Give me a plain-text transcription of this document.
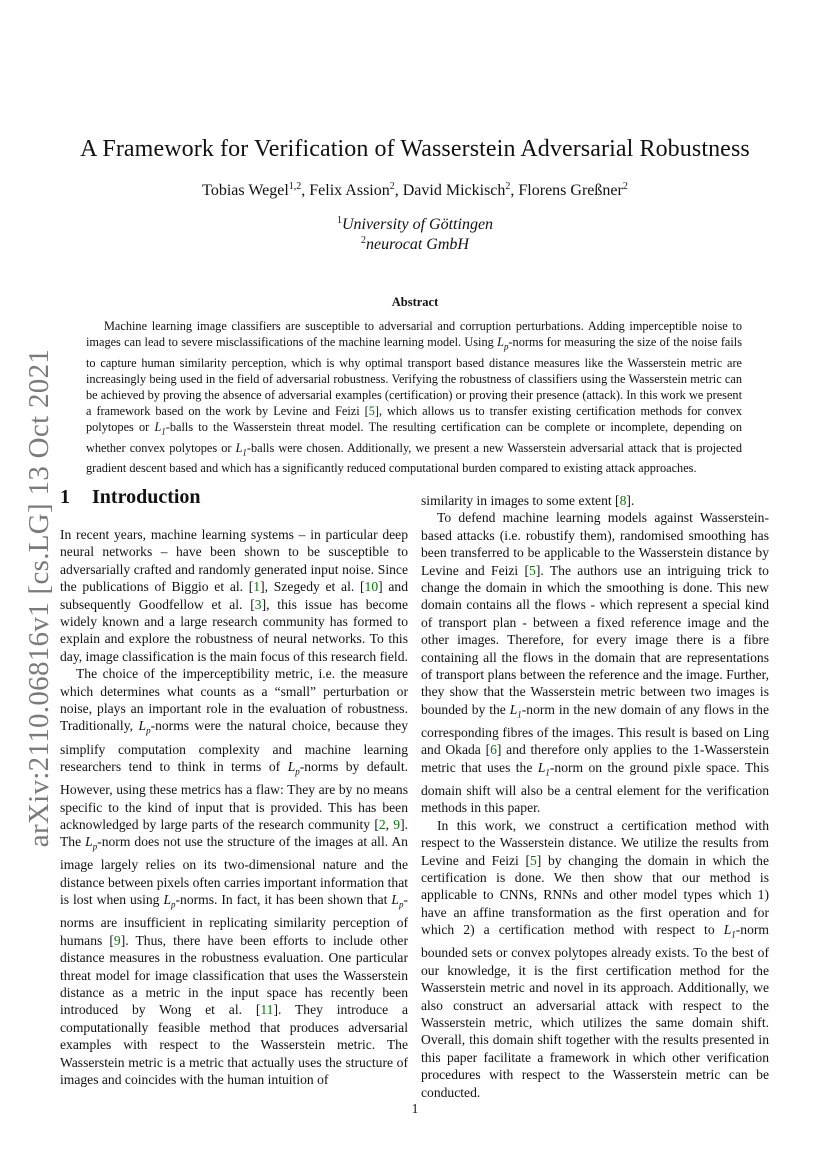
arXiv:2110.06816v1 [cs.LG] 13 Oct 2021
A Framework for Verification of Wasserstein Adversarial Robustness
Tobias Wegel$^{1,2}$, Felix Assion$^2$, David Mickisch$^2$, Florens Greßner$^2$
$^1$University of Göttingen
$^2$neurocat GmbH
Abstract

Machine learning image classifiers are susceptible to adversarial and corruption perturbations. Adding imperceptible noise to images can lead to severe misclassifications of the machine learning model. Using $L_p$-norms for measuring the size of the noise fails to capture human similarity perception, which is why optimal transport based distance measures like the Wasserstein metric are increasingly being used in the field of adversarial robustness. Verifying the robustness of classifiers using the Wasserstein metric can be achieved by proving the absence of adversarial examples (certification) or proving their presence (attack). In this work we present a framework based on the work by Levine and Feizi [5], which allows us to transfer existing certification methods for convex polytopes or $L_1$-balls to the Wasserstein threat model. The resulting certification can be complete or incomplete, depending on whether convex polytopes or $L_1$-balls were chosen. Additionally, we present a new Wasserstein adversarial attack that is projected gradient descent based and which has a significantly reduced computational burden compared to existing attack approaches.

1 Introduction

In recent years, machine learning systems – in particular deep neural networks – have been shown to be susceptible to adversarially crafted and randomly generated input noise. Since the publications of Biggio et al. [1], Szegedy et al. [10] and subsequently Goodfellow et al. [3], this issue has become widely known and a large research community has formed to explain and explore the robustness of neural networks. To this day, image classification is the main focus of this research field.

The choice of the imperceptibility metric, i.e. the measure which determines what counts as a “small” perturbation or noise, plays an important role in the evaluation of robustness. Traditionally, $L_p$-norms were the natural choice, because they simplify computation complexity and machine learning researchers tend to think in terms of $L_p$-norms by default. However, using these metrics has a flaw: They are by no means specific to the kind of input that is provided. This has been acknowledged by large parts of the research community [2, 9]. The $L_p$-norm does not use the structure of the images at all. An image largely relies on its two-dimensional nature and the distance between pixels often carries important information that is lost when using $L_p$-norms. In fact, it has been shown that $L_p$-norms are insufficient in replicating similarity perception of humans [9]. Thus, there have been efforts to include other distance measures in the robustness evaluation. One particular threat model for image classification that uses the Wasserstein distance as a metric in the input space has recently been introduced by Wong et al. [11]. They introduce a computationally feasible method that produces adversarial examples with respect to the Wasserstein metric. The Wasserstein metric is a metric that actually uses the structure of images and coincides with the human intuition of

similarity in images to some extent [8].

To defend machine learning models against Wasserstein-based attacks (i.e. robustify them), randomised smoothing has been transferred to be applicable to the Wasserstein distance by Levine and Feizi [5]. The authors use an intriguing trick to change the domain in which the smoothing is done. This new domain contains all the flows - which represent a special kind of transport plan - between a fixed reference image and the other images. Therefore, for every image there is a fibre containing all the flows in the domain that are representations of transport plans between the reference and the image. Further, they show that the Wasserstein metric between two images is bounded by the $L_1$-norm in the new domain of any flows in the corresponding fibres of the images. This result is based on Ling and Okada [6] and therefore only applies to the 1-Wasserstein metric that uses the $L_1$-norm on the ground pixle space. This domain shift will also be a central element for the verification methods in this paper.

In this work, we construct a certification method with respect to the Wasserstein distance. We utilize the results from Levine and Feizi [5] by changing the domain in which the certification is done. We then show that our method is applicable to CNNs, RNNs and other model types which 1) have an affine transformation as the first operation and for which 2) a certification method with respect to $L_1$-norm bounded sets or convex polytopes already exists. To the best of our knowledge, it is the first certification method for the Wasserstein metric and novel in its approach. Additionally, we also construct an adversarial attack with respect to the Wasserstein metric, which utilizes the same domain shift. Overall, this domain shift together with the results presented in this paper facilitate a framework in which other verification procedures with respect to the Wasserstein metric can be conducted.

1
